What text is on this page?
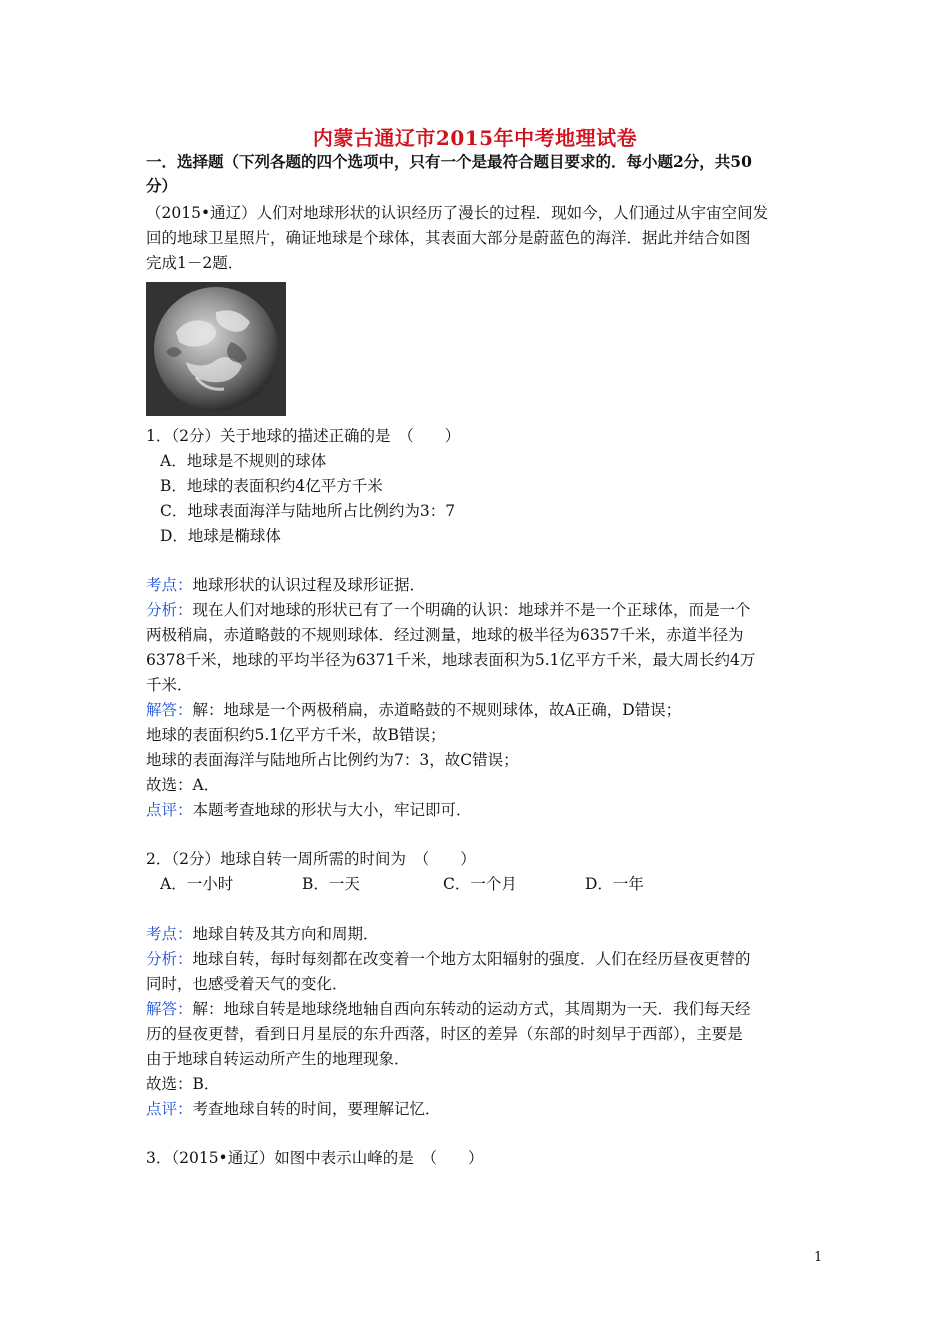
内蒙古通辽市2015年中考地理试卷
一．选择题（下列各题的四个选项中，只有一个是最符合题目要求的．每小题2分，共50
分）
（2015•通辽）人们对地球形状的认识经历了漫长的过程．现如今，人们通过从宇宙空间发
回的地球卫星照片，确证地球是个球体，其表面大部分是蔚蓝色的海洋．据此并结合如图
完成1－2题．
1．（2分）关于地球的描述正确的是　（　　）
A．地球是不规则的球体
B．地球的表面积约4亿平方千米
C．地球表面海洋与陆地所占比例约为3：7
D．地球是椭球体
考点：地球形状的认识过程及球形证据．
分析：现在人们对地球的形状已有了一个明确的认识：地球并不是一个正球体，而是一个
两极稍扁，赤道略鼓的不规则球体．经过测量，地球的极半径为6357千米，赤道半径为
6378千米，地球的平均半径为6371千米，地球表面积为5.1亿平方千米，最大周长约4万
千米．
解答：解：地球是一个两极稍扁，赤道略鼓的不规则球体，故A正确，D错误；
地球的表面积约5.1亿平方千米，故B错误；
地球的表面海洋与陆地所占比例约为7：3，故C错误；
故选：A．
点评：本题考查地球的形状与大小，牢记即可．
2．（2分）地球自转一周所需的时间为　（　　）
A．一小时	B．一天	C．一个月	D．一年
考点：地球自转及其方向和周期．
分析：地球自转，每时每刻都在改变着一个地方太阳辐射的强度．人们在经历昼夜更替的
同时，也感受着天气的变化．
解答：解：地球自转是地球绕地轴自西向东转动的运动方式，其周期为一天．我们每天经
历的昼夜更替，看到日月星辰的东升西落，时区的差异（东部的时刻早于西部），主要是
由于地球自转运动所产生的地理现象．
故选：B．
点评：考查地球自转的时间，要理解记忆．
3．（2015•通辽）如图中表示山峰的是　（　　）
1
